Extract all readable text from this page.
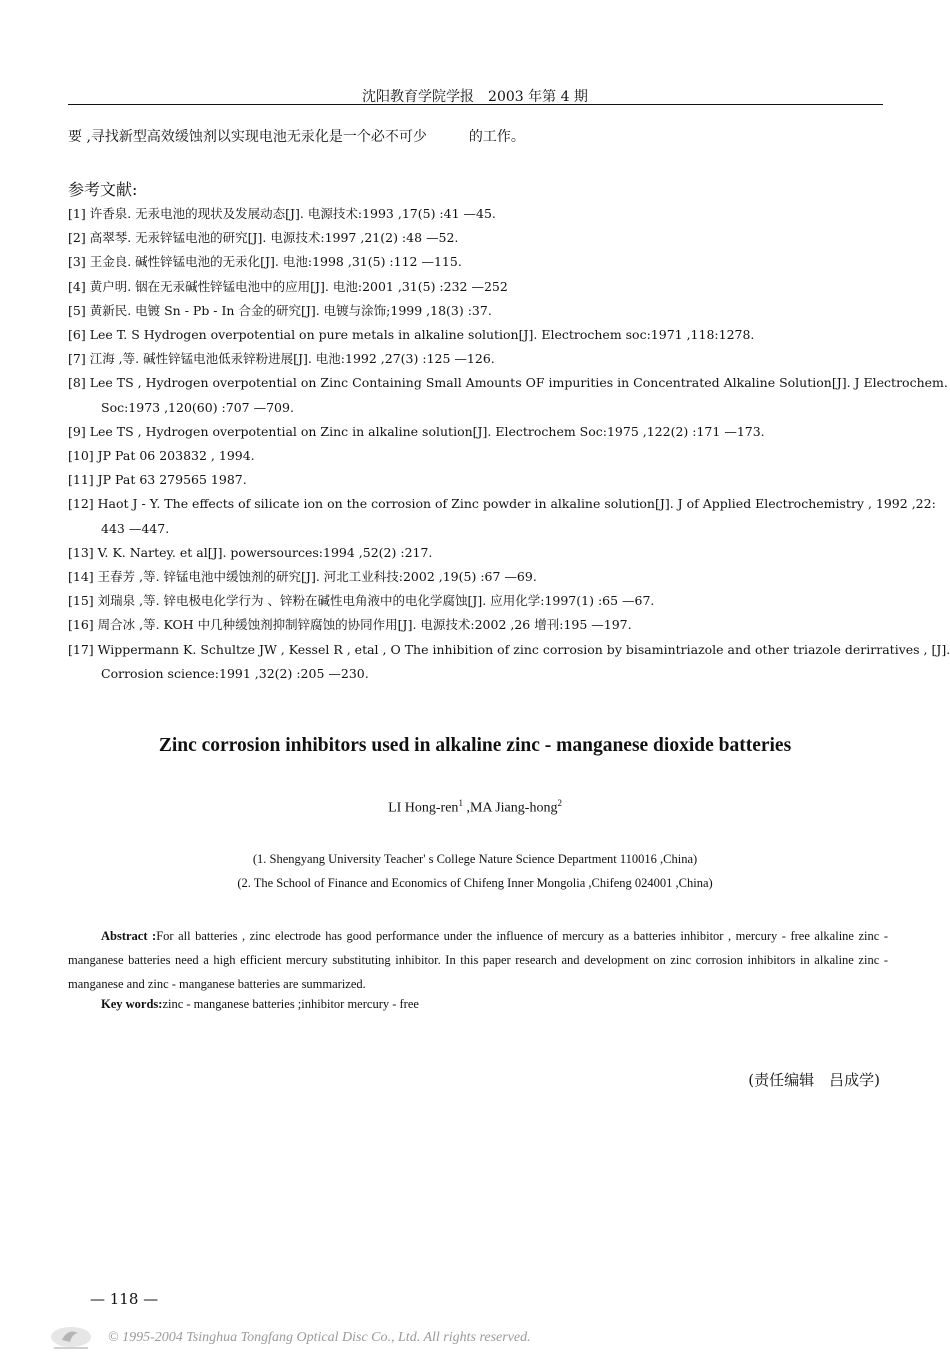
沈阳教育学院学报　2003 年第 4 期
要 ,寻找新型高效缓蚀剂以实现电池无汞化是一个必不可少　　　的工作。
参考文献:
[1] 许香泉. 无汞电池的现状及发展动态[J]. 电源技术:1993 ,17(5) :41 —45.
[2] 高翠琴. 无汞锌锰电池的研究[J]. 电源技术:1997 ,21(2) :48 —52.
[3] 王金良. 碱性锌锰电池的无汞化[J]. 电池:1998 ,31(5) :112 —115.
[4] 黄户明. 铟在无汞碱性锌锰电池中的应用[J]. 电池:2001 ,31(5) :232 —252
[5] 黄新民. 电镀 Sn - Pb - In 合金的研究[J]. 电镀与涂饰;1999 ,18(3) :37.
[6] Lee T. S Hydrogen overpotential on pure metals in alkaline solution[J]. Electrochem soc:1971 ,118:1278.
[7] 江海 ,等. 碱性锌锰电池低汞锌粉进展[J]. 电池:1992 ,27(3) :125 —126.
[8] Lee TS , Hydrogen overpotential on Zinc Containing Small Amounts OF impurities in Concentrated Alkaline Solution[J]. J Electrochem.
Soc:1973 ,120(60) :707 —709.
[9] Lee TS , Hydrogen overpotential on Zinc in alkaline solution[J]. Electrochem Soc:1975 ,122(2) :171 —173.
[10] JP Pat 06 203832 , 1994.
[11] JP Pat 63 279565 1987.
[12] Haot J - Y. The effects of silicate ion on the corrosion of Zinc powder in alkaline solution[J]. J of Applied Electrochemistry , 1992 ,22:
443 —447.
[13] V. K. Nartey. et al[J]. powersources:1994 ,52(2) :217.
[14] 王春芳 ,等. 锌锰电池中缓蚀剂的研究[J]. 河北工业科技:2002 ,19(5) :67 —69.
[15] 刘瑞泉 ,等. 锌电极电化学行为 、锌粉在碱性电角液中的电化学腐蚀[J]. 应用化学:1997(1) :65 —67.
[16] 周合冰 ,等. KOH 中几种缓蚀剂抑制锌腐蚀的协同作用[J]. 电源技术:2002 ,26 增刊:195 —197.
[17] Wippermann K. Schultze JW , Kessel R , etal , O The inhibition of zinc corrosion by bisamintriazole and other triazole derirratives , [J].
Corrosion science:1991 ,32(2) :205 —230.
Zinc corrosion inhibitors used in alkaline zinc - manganese dioxide batteries
LI Hong-ren$^1$ ,MA Jiang-hong$^2$
(1. Shengyang University Teacher' s College Nature Science Department 110016 ,China)
(2. The School of Finance and Economics of Chifeng Inner Mongolia ,Chifeng 024001 ,China)
Abstract :For all batteries , zinc electrode has good performance under the influence of mercury as a batteries inhibitor , mercury - free alkaline zinc - manganese batteries need a high efficient mercury substituting inhibitor. In this paper research and development on zinc corrosion inhibitors in alkaline zinc - manganese and zinc - manganese batteries are summarized.
Key words:zinc - manganese batteries ;inhibitor mercury - free
(责任编辑　吕成学)
— 118 —
© 1995-2004 Tsinghua Tongfang Optical Disc Co., Ltd. All rights reserved.
